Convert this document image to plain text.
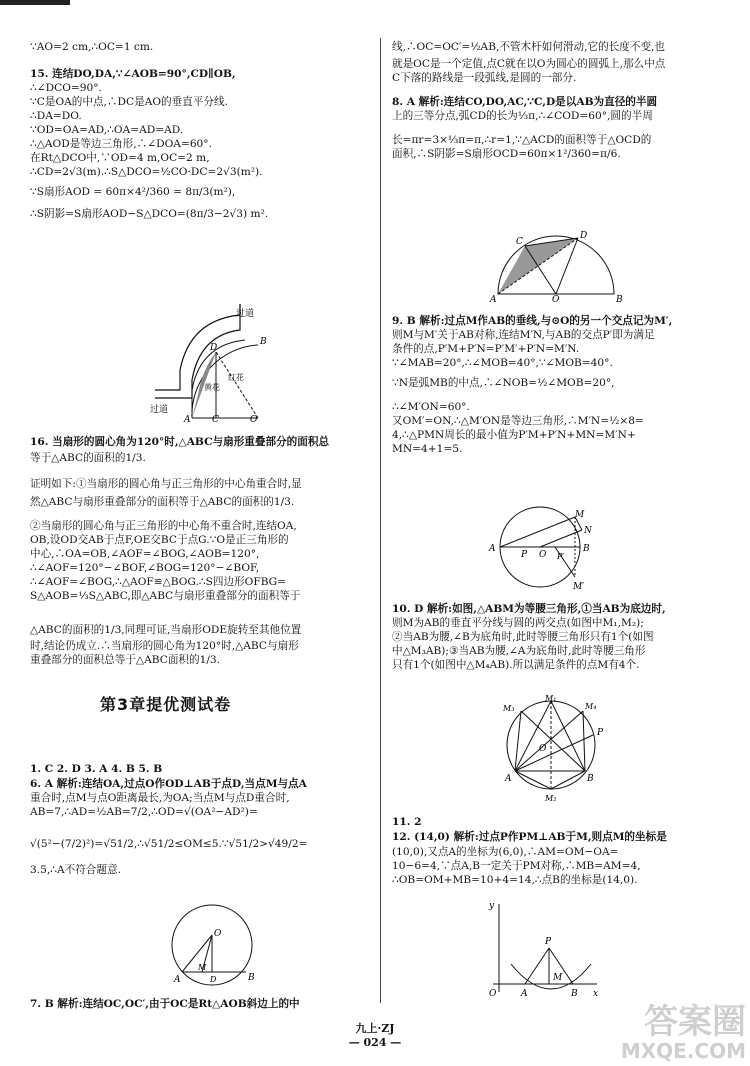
∵AO=2 cm,∴OC=1 cm.
15. 连结DO,DA,∵∠AOB=90°,CD∥OB,
∴∠DCO=90°.
∵C是OA的中点,∴DC是AO的垂直平分线.
∴DA=DO.
∵OD=OA=AD,∴OA=AD=AD.
∴△AOD是等边三角形,∴∠DOA=60°.
在Rt△DCO中,∵OD=4 m,OC=2 m,
∴CD=2√3(m).∴S△DCO=½CO·DC=2√3(m²).
∵S扇形AOD = 60π×4²/360 = 8π/3(m²),
∴S阴影=S扇形AOD−S△DCO=(8π/3−2√3) m².
16. 当扇形的圆心角为120°时,△ABC与扇形重叠部分的面积总
等于△ABC的面积的1/3.
证明如下:①当扇形的圆心角与正三角形的中心角重合时,显
然△ABC与扇形重叠部分的面积等于△ABC的面积的1/3.
②当扇形的圆心角与正三角形的中心角不重合时,连结OA,
OB,设OD交AB于点F,OE交BC于点G.∵O是正三角形的
中心,∴OA=OB,∠AOF=∠BOG,∠AOB=120°,
∴∠AOF=120°−∠BOF,∠BOG=120°−∠BOF,
∴∠AOF=∠BOG,∴△AOF≌△BOG.∴S四边形OFBG=
S△AOB=⅓S△ABC,即△ABC与扇形重叠部分的面积等于
△ABC的面积的1/3,同理可证,当扇形ODE旋转至其他位置
时,结论仍成立.∴当扇形的圆心角为120°时,△ABC与扇形
重叠部分的面积总等于△ABC面积的1/3.
1. C 2. D 3. A 4. B 5. B
6. A 解析:连结OA,过点O作OD⊥AB于点D,当点M与点A
重合时,点M与点O距离最长,为OA;当点M与点D重合时,
AB=7,∴AD=½AB=7/2,∴OD=√(OA²−AD²)=
√(5²−(7/2)²)=√51/2,∴√51/2≤OM≤5.∵√51/2>√49/2=
3.5,∴A不符合题意.
7. B 解析:连结OC,OC′,由于OC是Rt△AOB斜边上的中
第3章提优测试卷
线,∴OC=OC′=½AB,不管木杆如何滑动,它的长度不变,也
就是OC是一个定值,点C就在以O为圆心的圆弧上,那么中点
C下落的路线是一段弧线,是圆的一部分.
8. A 解析:连结CO,DO,AC,∵C,D是以AB为直径的半圆
上的三等分点,弧CD的长为⅓π,∴∠COD=60°,圆的半周
长=πr=3×⅓π=π,∴r=1,∵△ACD的面积等于△OCD的
面积,∴S阴影=S扇形OCD=60π×1²/360=π/6.
9. B 解析:过点M作AB的垂线,与⊙O的另一个交点记为M′,
则M与M′关于AB对称,连结M′N,与AB的交点P′即为满足
条件的点,P′M+P′N=P′M′+P′N=M′N.
∵∠MAB=20°,∴∠MOB=40°,∵∠MOB=40°.
∵N是弧MB的中点,∴∠NOB=½∠MOB=20°,
∴∠M′ON=60°.
又OM′=ON,∴△M′ON是等边三角形,∴M′N=½×8=
4,∴△PMN周长的最小值为P′M+P′N+MN=M′N+
MN=4+1=5.
10. D 解析:如图,△ABM为等腰三角形,①当AB为底边时,
则M为AB的垂直平分线与圆的两交点(如图中M₁,M₂);
②当AB为腰,∠B为底角时,此时等腰三角形只有1个(如图
中△M₃AB);③当AB为腰,∠A为底角时,此时等腰三角形
只有1个(如图中△M₄AB).所以满足条件的点M有4个.
11. 2
12. (14,0) 解析:过点P作PM⊥AB于M,则点M的坐标是
(10,0),又点A的坐标为(6,0),∴AM=OM−OA=
10−6=4,∵点A,B一定关于PM对称,∴MB=AM=4,
∴OB=OM+MB=10+4=14,∴点B的坐标是(14,0).
过道
过道
黄花
红花
A
B
C
D
O
O
A
M
D	B
A	B
C
D
O
A	B
M
N
P O
M′
P′
M₁
M₂
M₃	M₄
A	B
O
P
y
x
O	A
M
B
P
九上·ZJ
— 024 —
答案圈
MXQE.COM
